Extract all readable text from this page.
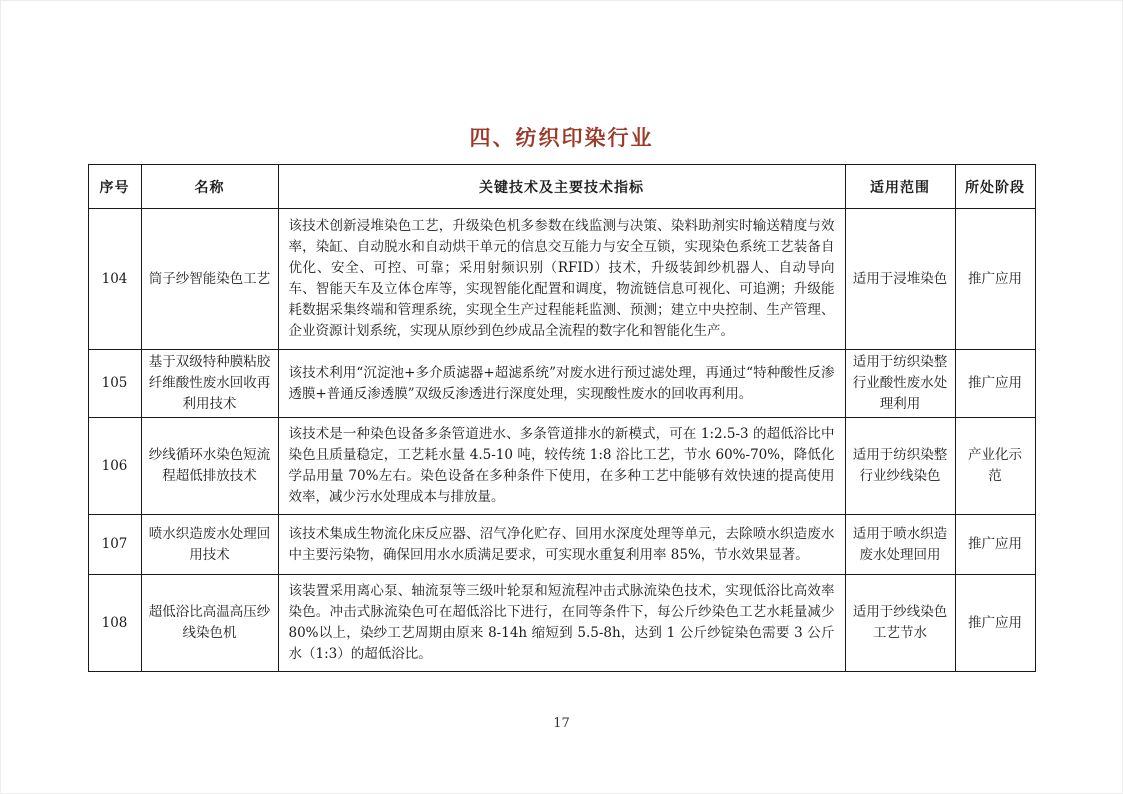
四、纺织印染行业
序号	名称	关键技术及主要技术指标	适用范围	所处阶段
104	筒子纱智能染色工艺	该技术创新浸堆染色工艺，升级染色机多参数在线监测与决策、染料助剂实时输送精度与效率，染缸、自动脱水和自动烘干单元的信息交互能力与安全互锁，实现染色系统工艺装备自优化、安全、可控、可靠；采用射频识别（RFID）技术，升级装卸纱机器人、自动导向车、智能天车及立体仓库等，实现智能化配置和调度，物流链信息可视化、可追溯；升级能耗数据采集终端和管理系统，实现全生产过程能耗监测、预测；建立中央控制、生产管理、企业资源计划系统，实现从原纱到色纱成品全流程的数字化和智能化生产。	适用于浸堆染色	推广应用
105	基于双级特种膜粘胶纤维酸性废水回收再利用技术	该技术利用“沉淀池+多介质滤器+超滤系统”对废水进行预过滤处理，再通过“特种酸性反渗透膜+普通反渗透膜”双级反渗透进行深度处理，实现酸性废水的回收再利用。	适用于纺织染整行业酸性废水处理利用	推广应用
106	纱线循环水染色短流程超低排放技术	该技术是一种染色设备多条管道进水、多条管道排水的新模式，可在 1:2.5-3 的超低浴比中染色且质量稳定，工艺耗水量 4.5-10 吨，较传统 1:8 浴比工艺，节水 60%-70%，降低化学品用量 70%左右。染色设备在多种条件下使用，在多种工艺中能够有效快速的提高使用效率，减少污水处理成本与排放量。	适用于纺织染整行业纱线染色	产业化示范
107	喷水织造废水处理回用技术	该技术集成生物流化床反应器、沼气净化贮存、回用水深度处理等单元，去除喷水织造废水中主要污染物，确保回用水水质满足要求，可实现水重复利用率 85%，节水效果显著。	适用于喷水织造废水处理回用	推广应用
108	超低浴比高温高压纱线染色机	该装置采用离心泵、轴流泵等三级叶轮泵和短流程冲击式脉流染色技术，实现低浴比高效率染色。冲击式脉流染色可在超低浴比下进行，在同等条件下，每公斤纱染色工艺水耗量减少 80%以上，染纱工艺周期由原来 8-14h 缩短到 5.5-8h，达到 1 公斤纱锭染色需要 3 公斤水（1:3）的超低浴比。	适用于纱线染色工艺节水	推广应用
17
